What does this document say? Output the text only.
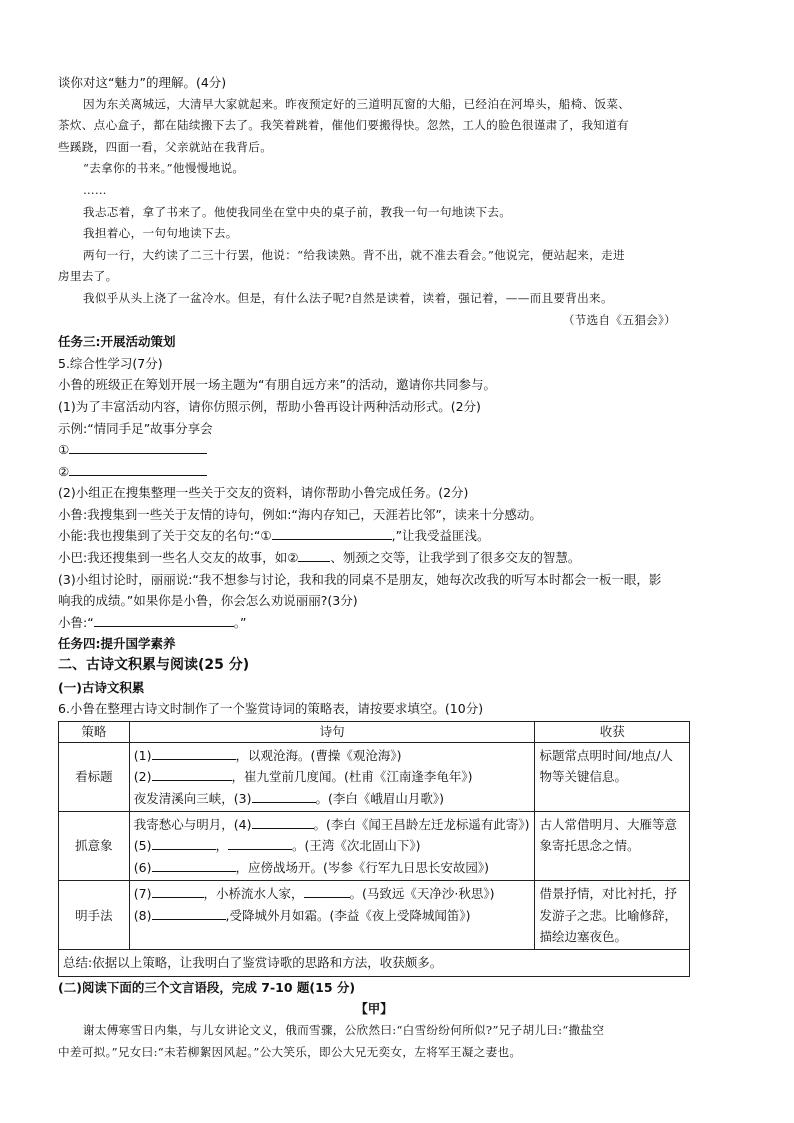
谈你对这“魅力”的理解。(4分)

因为东关离城远，大清早大家就起来。昨夜预定好的三道明瓦窗的大船，已经泊在河埠头，船椅、饭菜、

茶炊、点心盒子，都在陆续搬下去了。我笑着跳着，催他们要搬得快。忽然，工人的脸色很谨肃了，我知道有

些蹊跷，四面一看，父亲就站在我背后。

“去拿你的书来。”他慢慢地说。

……

我忐忑着，拿了书来了。他使我同坐在堂中央的桌子前，教我一句一句地读下去。

我担着心，一句句地读下去。

两句一行，大约读了二三十行罢，他说：“给我读熟。背不出，就不准去看会。”他说完，便站起来，走进

房里去了。

我似乎从头上浇了一盆冷水。但是，有什么法子呢?自然是读着，读着，强记着，——而且要背出来。

（节选自《五猖会》）

任务三:开展活动策划

5.综合性学习(7分)

小鲁的班级正在筹划开展一场主题为“有朋自远方来”的活动，邀请你共同参与。

(1)为了丰富活动内容，请你仿照示例，帮助小鲁再设计两种活动形式。(2分)

示例:“情同手足”故事分享会

①

②

(2)小组正在搜集整理一些关于交友的资料，请你帮助小鲁完成任务。(2分)

小鲁:我搜集到一些关于友情的诗句，例如:“海内存知己，天涯若比邻”，读来十分感动。

小能:我也搜集到了关于交友的名句:“①	,”让我受益匪浅。

小巴:我还搜集到一些名人交友的故事，如②	、刎颈之交等，让我学到了很多交友的智慧。

(3)小组讨论时，丽丽说:“我不想参与讨论，我和我的同桌不是朋友，她每次改我的听写本时都会一板一眼，影

响我的成绩。”如果你是小鲁，你会怎么劝说丽丽?(3分)

小鲁:“	。”

任务四:提升国学素养

二、古诗文积累与阅读(25 分)

(一)古诗文积累

6.小鲁在整理古诗文时制作了一个鉴赏诗词的策略表，请按要求填空。(10分)

策略	诗句	收获
看标题	(1) ，以观沧海。(曹操《观沧海》)
(2) ，崔九堂前几度闻。(杜甫《江南逢李龟年》)
夜发清溪向三峡，(3) 。(李白《峨眉山月歌》)	标题常点明时间/地点/人物等关键信息。
抓意象	我寄愁心与明月，(4) 。(李白《闻王昌龄左迁龙标遥有此寄》)
(5) ， 。(王湾《次北固山下》)
(6) ，应傍战场开。(岑参《行军九日思长安故园》)	古人常借明月、大雁等意象寄托思念之情。
明手法	(7) ，小桥流水人家， 。(马致远《天净沙·秋思》)
(8) ,受降城外月如霜。(李益《夜上受降城闻笛》)	借景抒情，对比衬托，抒发游子之悲。比喻修辞，描绘边塞夜色。
总结:依据以上策略，让我明白了鉴赏诗歌的思路和方法，收获颇多。		

(二)阅读下面的三个文言语段，完成 7-10 题(15 分)

【甲】

谢太傅寒雪日内集，与儿女讲论文义，俄而雪骤，公欣然曰:“白雪纷纷何所似?”兄子胡儿曰:“撒盐空

中差可拟。”兄女曰:“未若柳絮因风起。”公大笑乐，即公大兄无奕女，左将军王凝之妻也。
